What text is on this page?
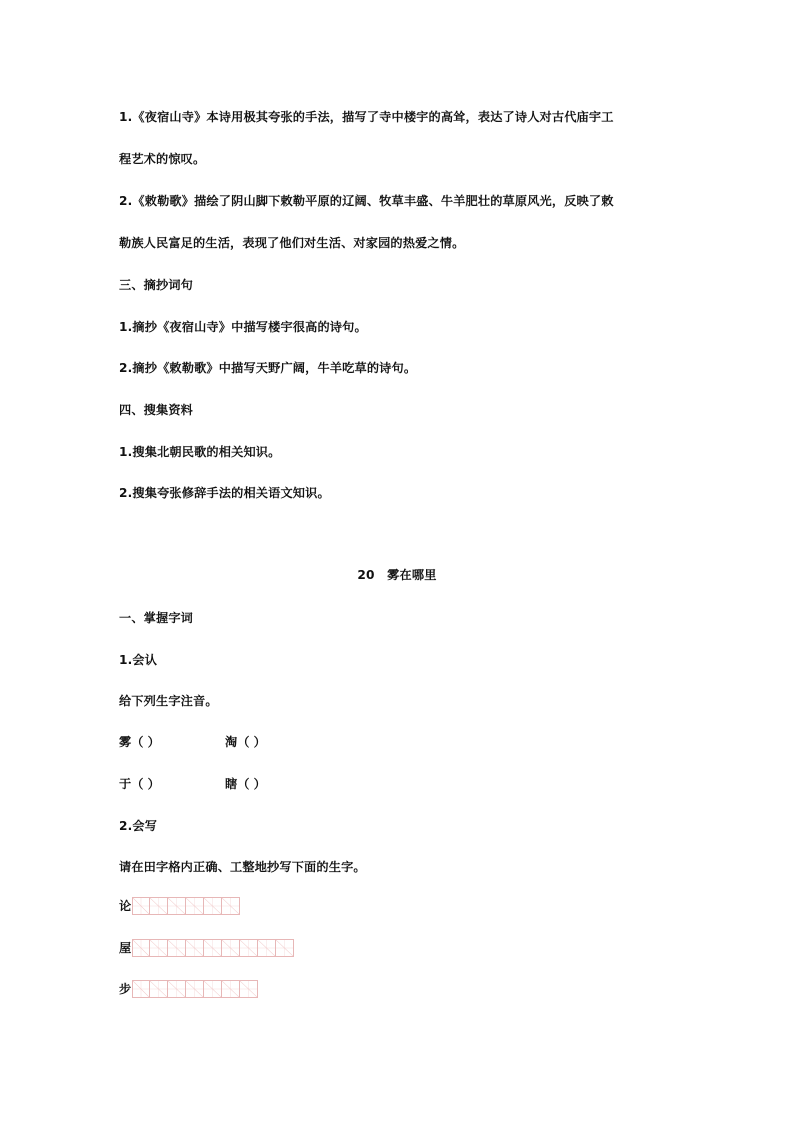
1.《夜宿山寺》本诗用极其夸张的手法，描写了寺中楼宇的高耸，表达了诗人对古代庙宇工
程艺术的惊叹。
2.《敕勒歌》描绘了阴山脚下敕勒平原的辽阔、牧草丰盛、牛羊肥壮的草原风光，反映了敕
勒族人民富足的生活，表现了他们对生活、对家园的热爱之情。
三、摘抄词句
1.摘抄《夜宿山寺》中描写楼宇很高的诗句。
2.摘抄《敕勒歌》中描写天野广阔，牛羊吃草的诗句。
四、搜集资料
1.搜集北朝民歌的相关知识。
2.搜集夸张修辞手法的相关语文知识。
20　雾在哪里
一、掌握字词
1.会认
给下列生字注音。
雾（ ）	淘（ ）
于（ ）	瞎（ ）
2.会写
请在田字格内正确、工整地抄写下面的生字。
论
屋
步
